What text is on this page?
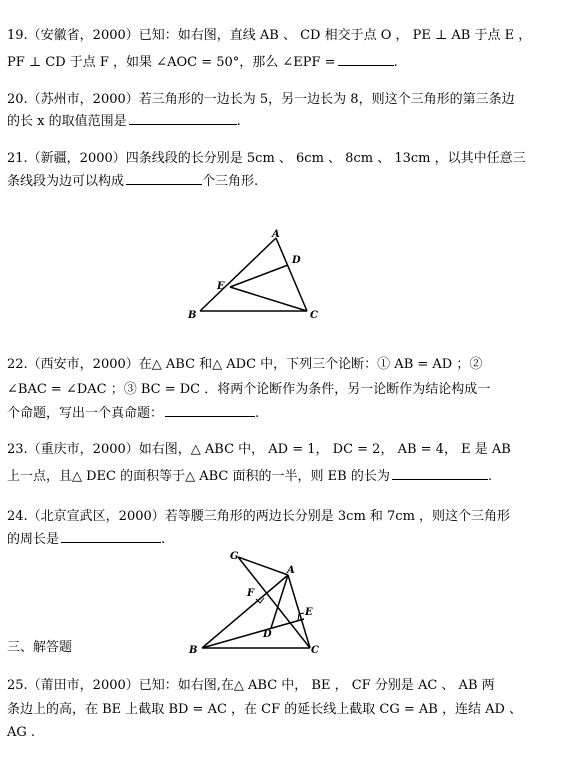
19.（安徽省，2000）已知：如右图，直线 AB 、 CD 相交于点 O ， PE ⊥ AB 于点 E ，
PF ⊥ CD 于点 F ，如果 ∠AOC = 50°，那么 ∠EPF =	.
20.（苏州市，2000）若三角形的一边长为 5，另一边长为 8，则这个三角形的第三条边
的长 x 的取值范围是	.
21.（新疆，2000）四条线段的长分别是 5cm 、 6cm 、 8cm 、 13cm ，以其中任意三
条线段为边可以构成	个三角形.
A
D
E
B	C
22.（西安市，2000）在△ ABC 和△ ADC 中，下列三个论断：① AB = AD ；②
∠BAC = ∠DAC ；③ BC = DC ．将两个论断作为条件，另一论断作为结论构成一
个命题，写出一个真命题：	.
23.（重庆市，2000）如右图，△ ABC 中， AD = 1， DC = 2， AB = 4， E 是 AB
上一点，且△ DEC 的面积等于△ ABC 面积的一半，则 EB 的长为	.
24.（北京宣武区，2000）若等腰三角形的两边长分别是 3cm 和 7cm ，则这个三角形
的周长是	.
G
A
F
E
D
B	C
三、解答题
25.（莆田市，2000）已知：如右图,在△ ABC 中， BE ， CF 分别是 AC 、 AB 两
条边上的高，在 BE 上截取 BD = AC ，在 CF 的延长线上截取 CG = AB ，连结 AD 、
AG .
